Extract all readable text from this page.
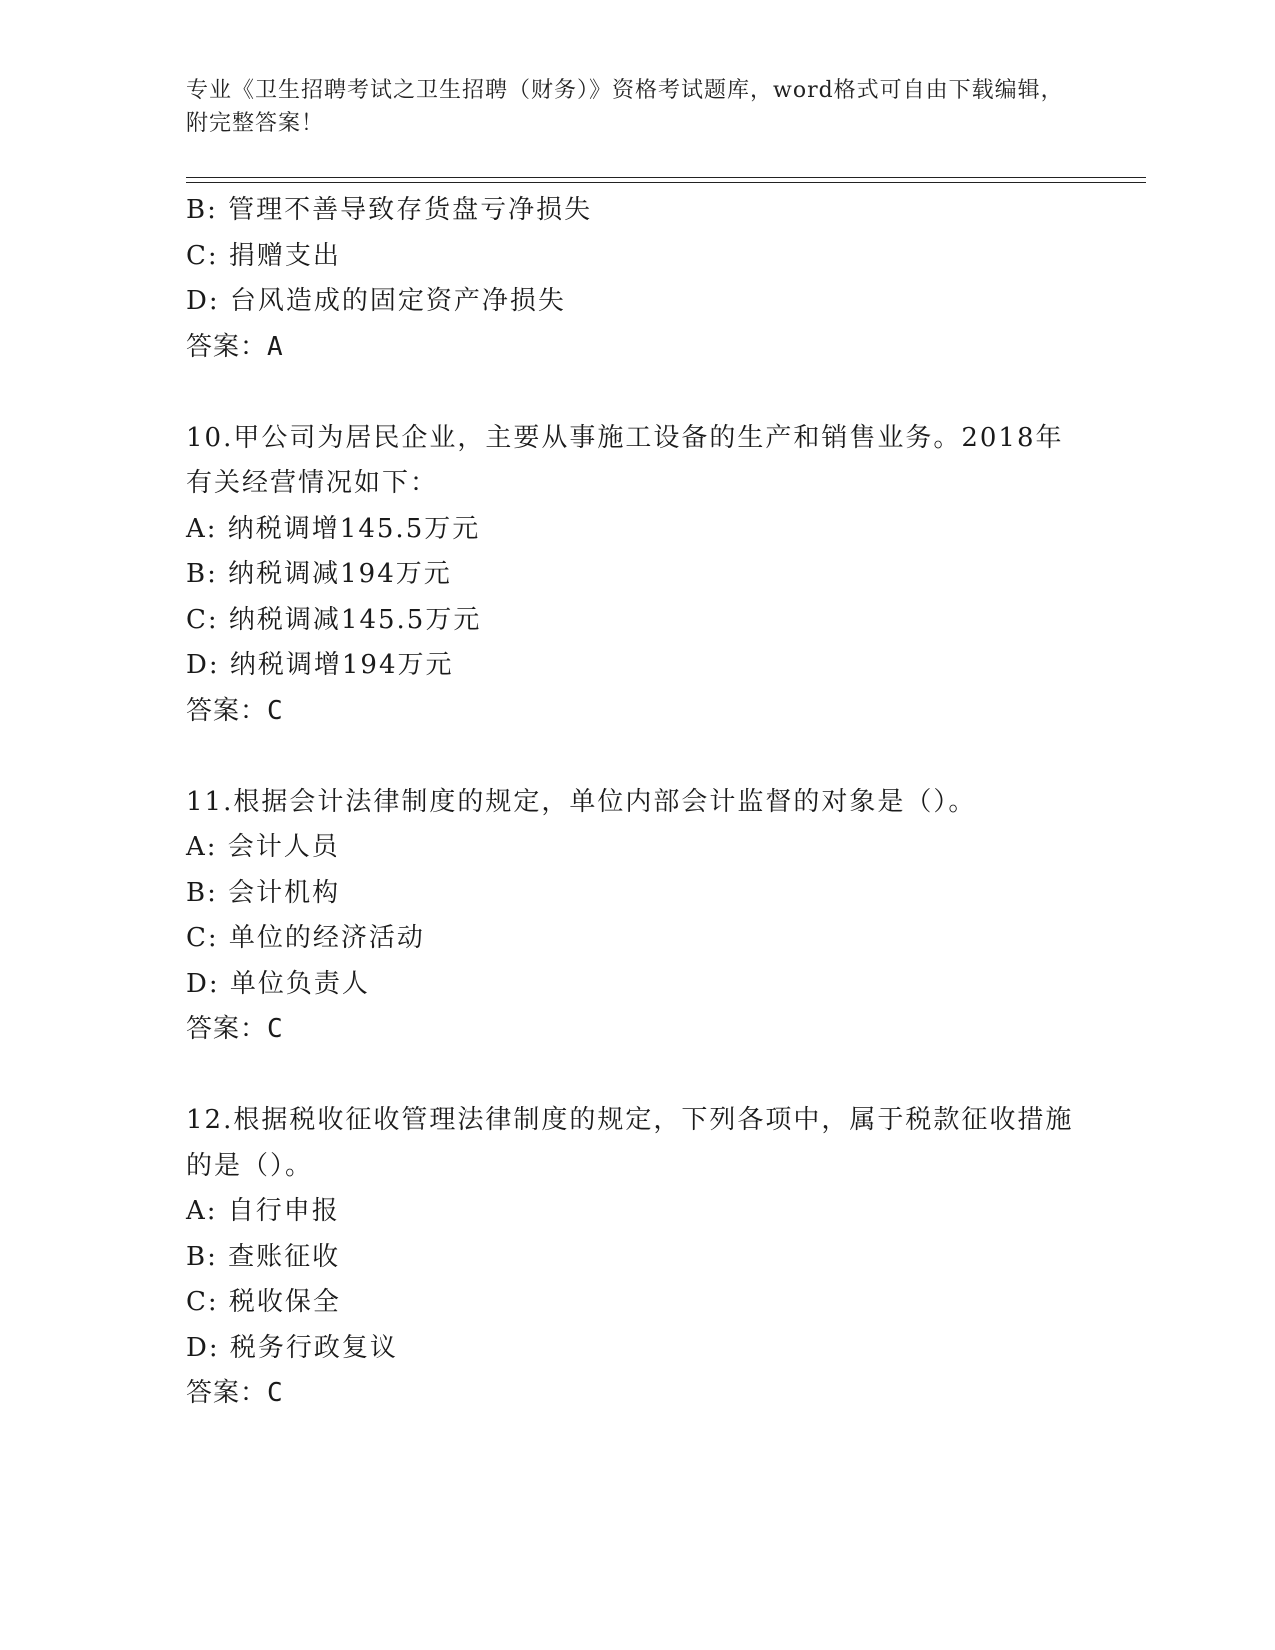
专业《卫生招聘考试之卫生招聘（财务）》资格考试题库，word格式可自由下载编辑，附完整答案！
B: 管理不善导致存货盘亏净损失
C: 捐赠支出
D: 台风造成的固定资产净损失
答案：A
10.甲公司为居民企业，主要从事施工设备的生产和销售业务。2018年有关经营情况如下：
A: 纳税调增145.5万元
B: 纳税调减194万元
C: 纳税调减145.5万元
D: 纳税调增194万元
答案：C
11.根据会计法律制度的规定，单位内部会计监督的对象是（）。
A: 会计人员
B: 会计机构
C: 单位的经济活动
D: 单位负责人
答案：C
12.根据税收征收管理法律制度的规定，下列各项中，属于税款征收措施的是（）。
A: 自行申报
B: 查账征收
C: 税收保全
D: 税务行政复议
答案：C
